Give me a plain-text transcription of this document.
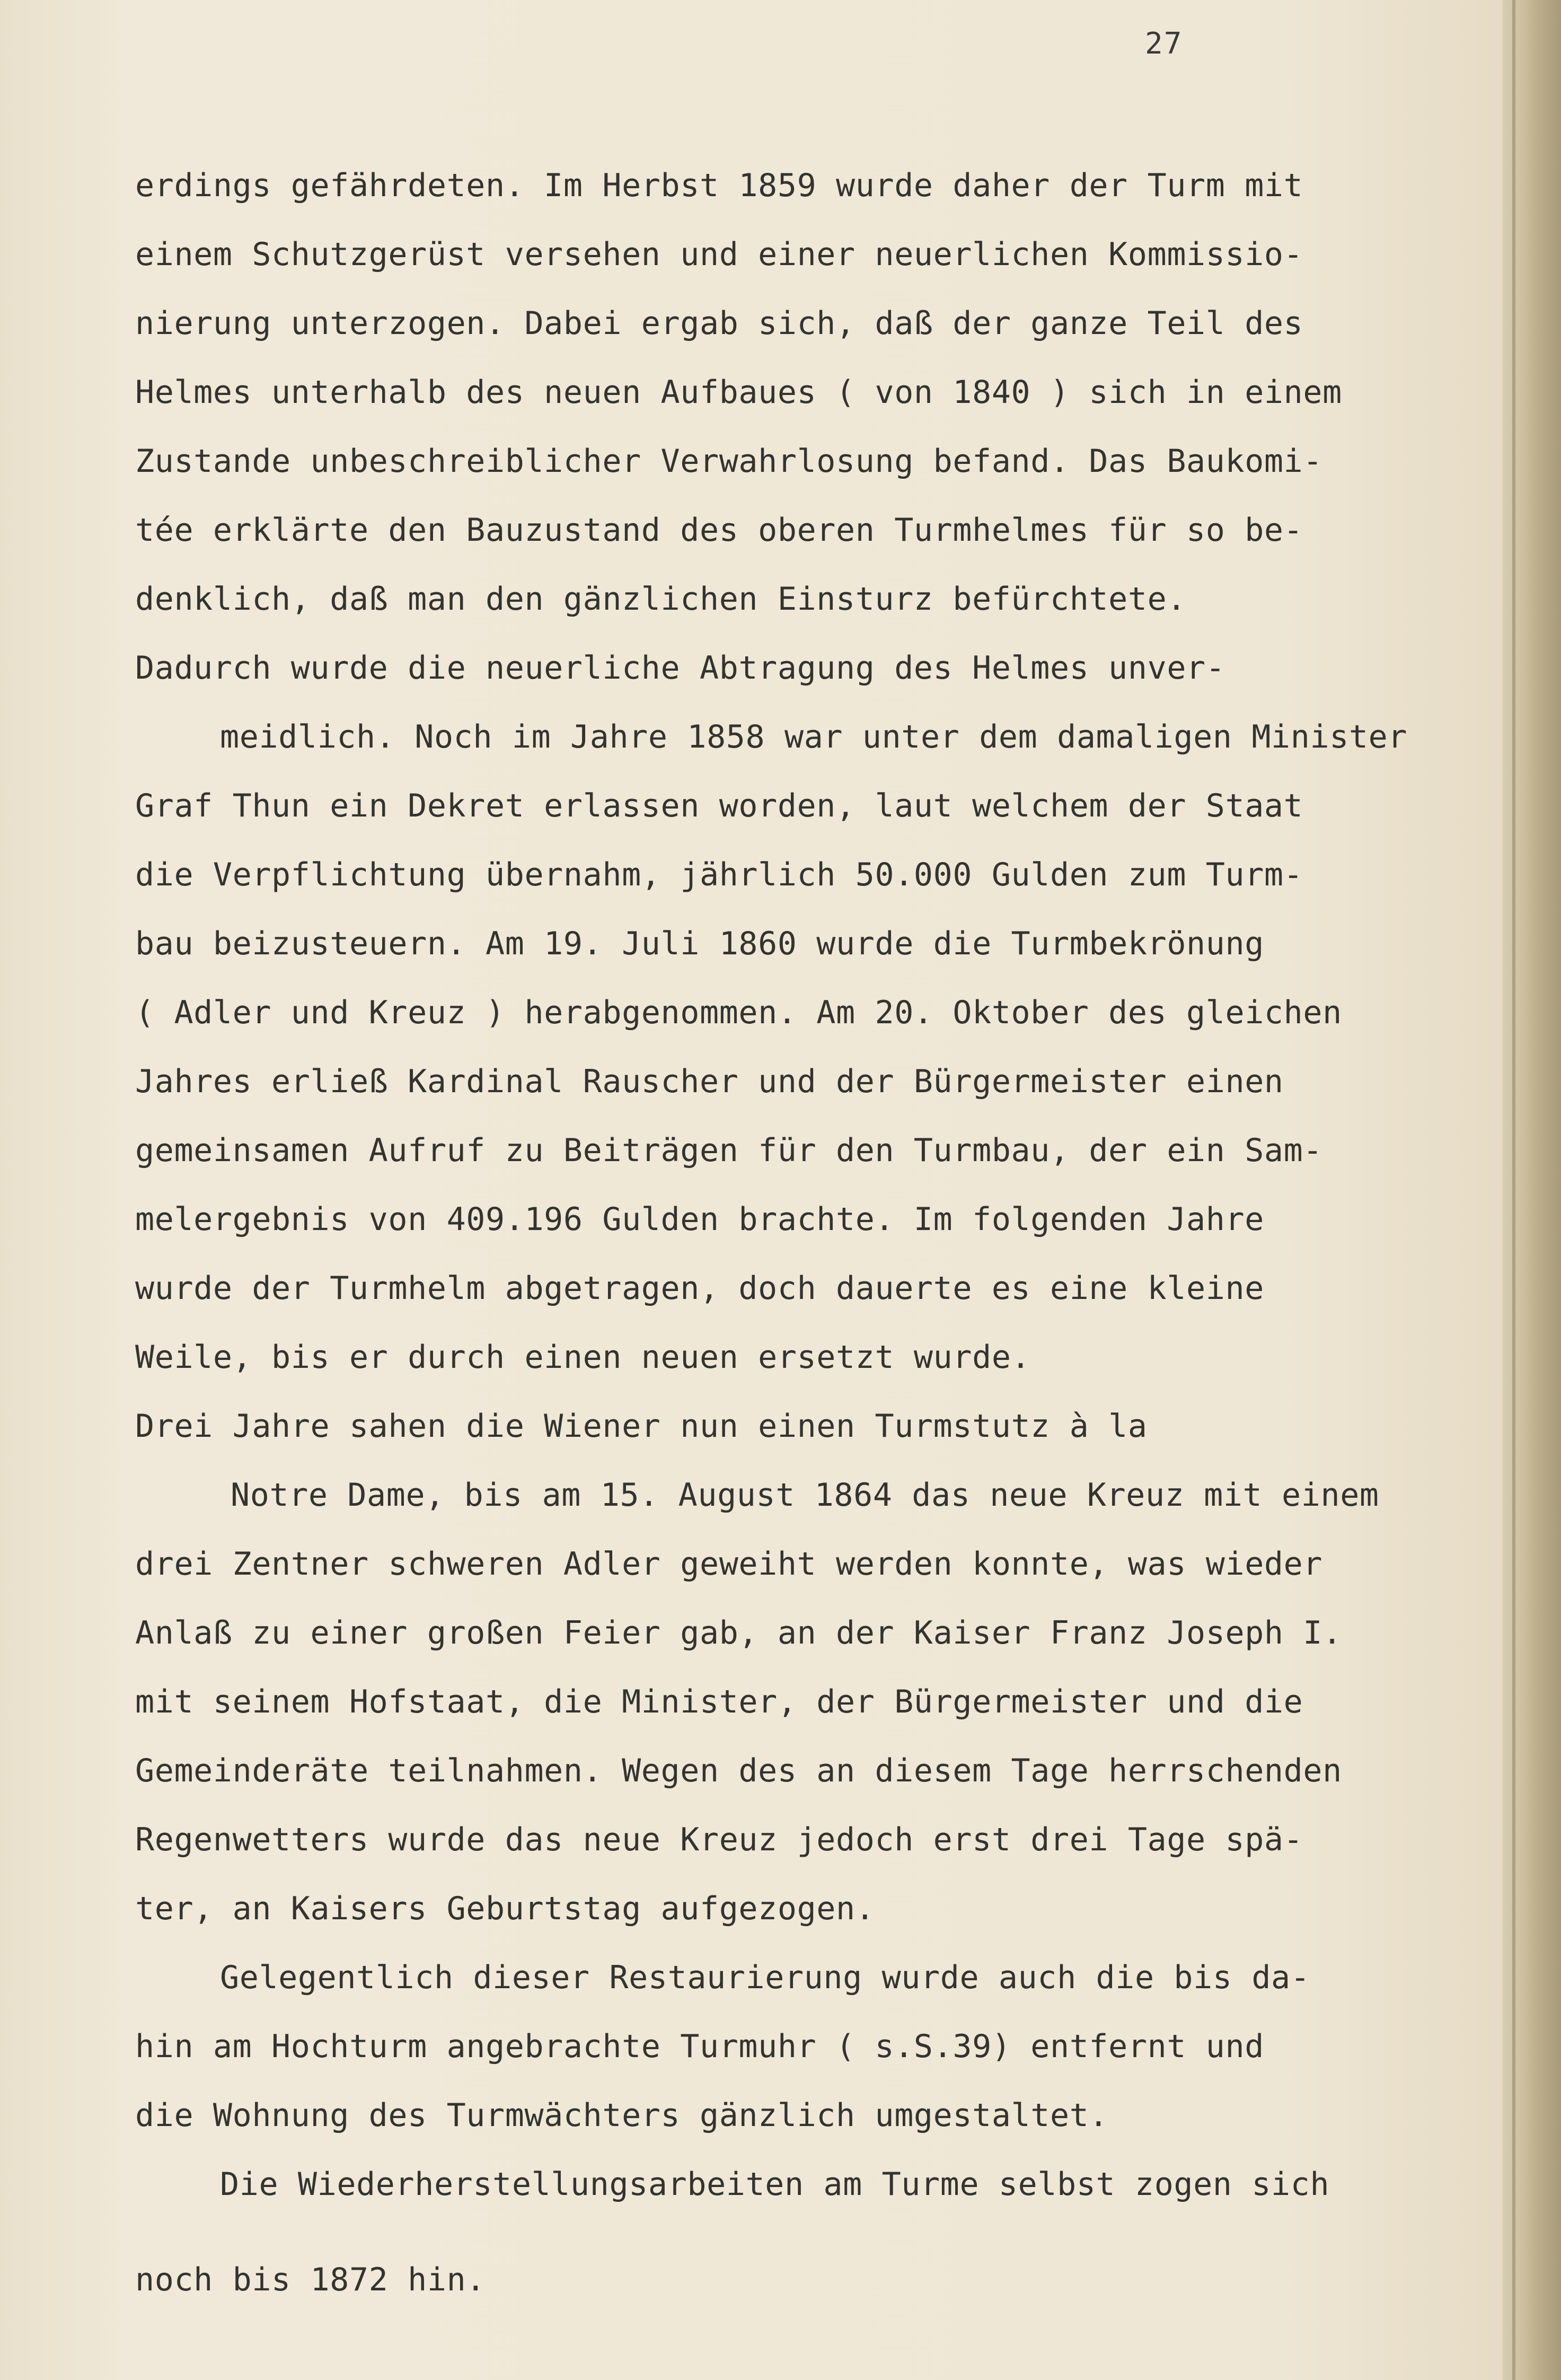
27

erdings gefährdeten. Im Herbst 1859 wurde daher der Turm mit

einem Schutzgerüst versehen und einer neuerlichen Kommissio-

nierung unterzogen. Dabei ergab sich, daß der ganze Teil des

Helmes unterhalb des neuen Aufbaues ( von 1840 ) sich in einem

Zustande unbeschreiblicher Verwahrlosung befand. Das Baukomi-

tée erklärte den Bauzustand des oberen Turmhelmes für so be-

denklich, daß man den gänzlichen Einsturz befürchtete.

Dadurch wurde die neuerliche Abtragung des Helmes unver-

meidlich. Noch im Jahre 1858 war unter dem damaligen Minister

Graf Thun ein Dekret erlassen worden, laut welchem der Staat

die Verpflichtung übernahm, jährlich 50.000 Gulden zum Turm-

bau beizusteuern. Am 19. Juli 1860 wurde die Turmbekrönung

( Adler und Kreuz ) herabgenommen. Am 20. Oktober des gleichen

Jahres erließ Kardinal Rauscher und der Bürgermeister einen

gemeinsamen Aufruf zu Beiträgen für den Turmbau, der ein Sam-

melergebnis von 409.196 Gulden brachte. Im folgenden Jahre

wurde der Turmhelm abgetragen, doch dauerte es eine kleine

Weile, bis er durch einen neuen ersetzt wurde.

Drei Jahre sahen die Wiener nun einen Turmstutz à la

Notre Dame, bis am 15. August 1864 das neue Kreuz mit einem

drei Zentner schweren Adler geweiht werden konnte, was wieder

Anlaß zu einer großen Feier gab, an der Kaiser Franz Joseph I.

mit seinem Hofstaat, die Minister, der Bürgermeister und die

Gemeinderäte teilnahmen. Wegen des an diesem Tage herrschenden

Regenwetters wurde das neue Kreuz jedoch erst drei Tage spä-

ter, an Kaisers Geburtstag aufgezogen.

Gelegentlich dieser Restaurierung wurde auch die bis da-

hin am Hochturm angebrachte Turmuhr ( s.S.39) entfernt und

die Wohnung des Turmwächters gänzlich umgestaltet.

Die Wiederherstellungsarbeiten am Turme selbst zogen sich

noch bis 1872 hin.
